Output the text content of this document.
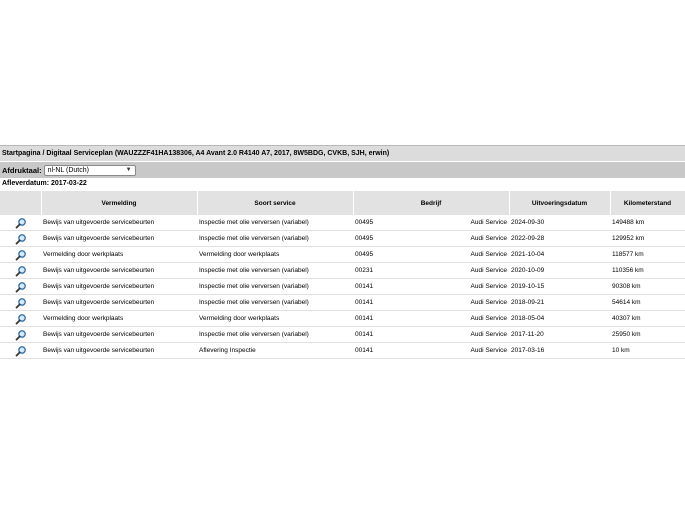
Startpagina / Digitaal Serviceplan (WAUZZZF41HA138306, A4 Avant 2.0 R4140 A7, 2017, 8W5BDG, CVKB, SJH, erwin)
Afdruktaal: nl-NL (Dutch)	▼
Afleverdatum: 2017-03-22
	Vermelding	Soort service	Bedrijf	Uitvoeringsdatum	Kilometerstand
	Bewijs van uitgevoerde servicebeurten	Inspectie met olie verversen (variabel)	00495 Audi Service	2024-09-30	149488 km
	Bewijs van uitgevoerde servicebeurten	Inspectie met olie verversen (variabel)	00495 Audi Service	2022-09-28	129952 km
	Vermelding door werkplaats	Vermelding door werkplaats	00495 Audi Service	2021-10-04	118577 km
	Bewijs van uitgevoerde servicebeurten	Inspectie met olie verversen (variabel)	00231 Audi Service	2020-10-09	110356 km
	Bewijs van uitgevoerde servicebeurten	Inspectie met olie verversen (variabel)	00141 Audi Service	2019-10-15	90308 km
	Bewijs van uitgevoerde servicebeurten	Inspectie met olie verversen (variabel)	00141 Audi Service	2018-09-21	54614 km
	Vermelding door werkplaats	Vermelding door werkplaats	00141 Audi Service	2018-05-04	40307 km
	Bewijs van uitgevoerde servicebeurten	Inspectie met olie verversen (variabel)	00141 Audi Service	2017-11-20	25950 km
	Bewijs van uitgevoerde servicebeurten	Aflevering Inspectie	00141 Audi Service	2017-03-16	10 km
